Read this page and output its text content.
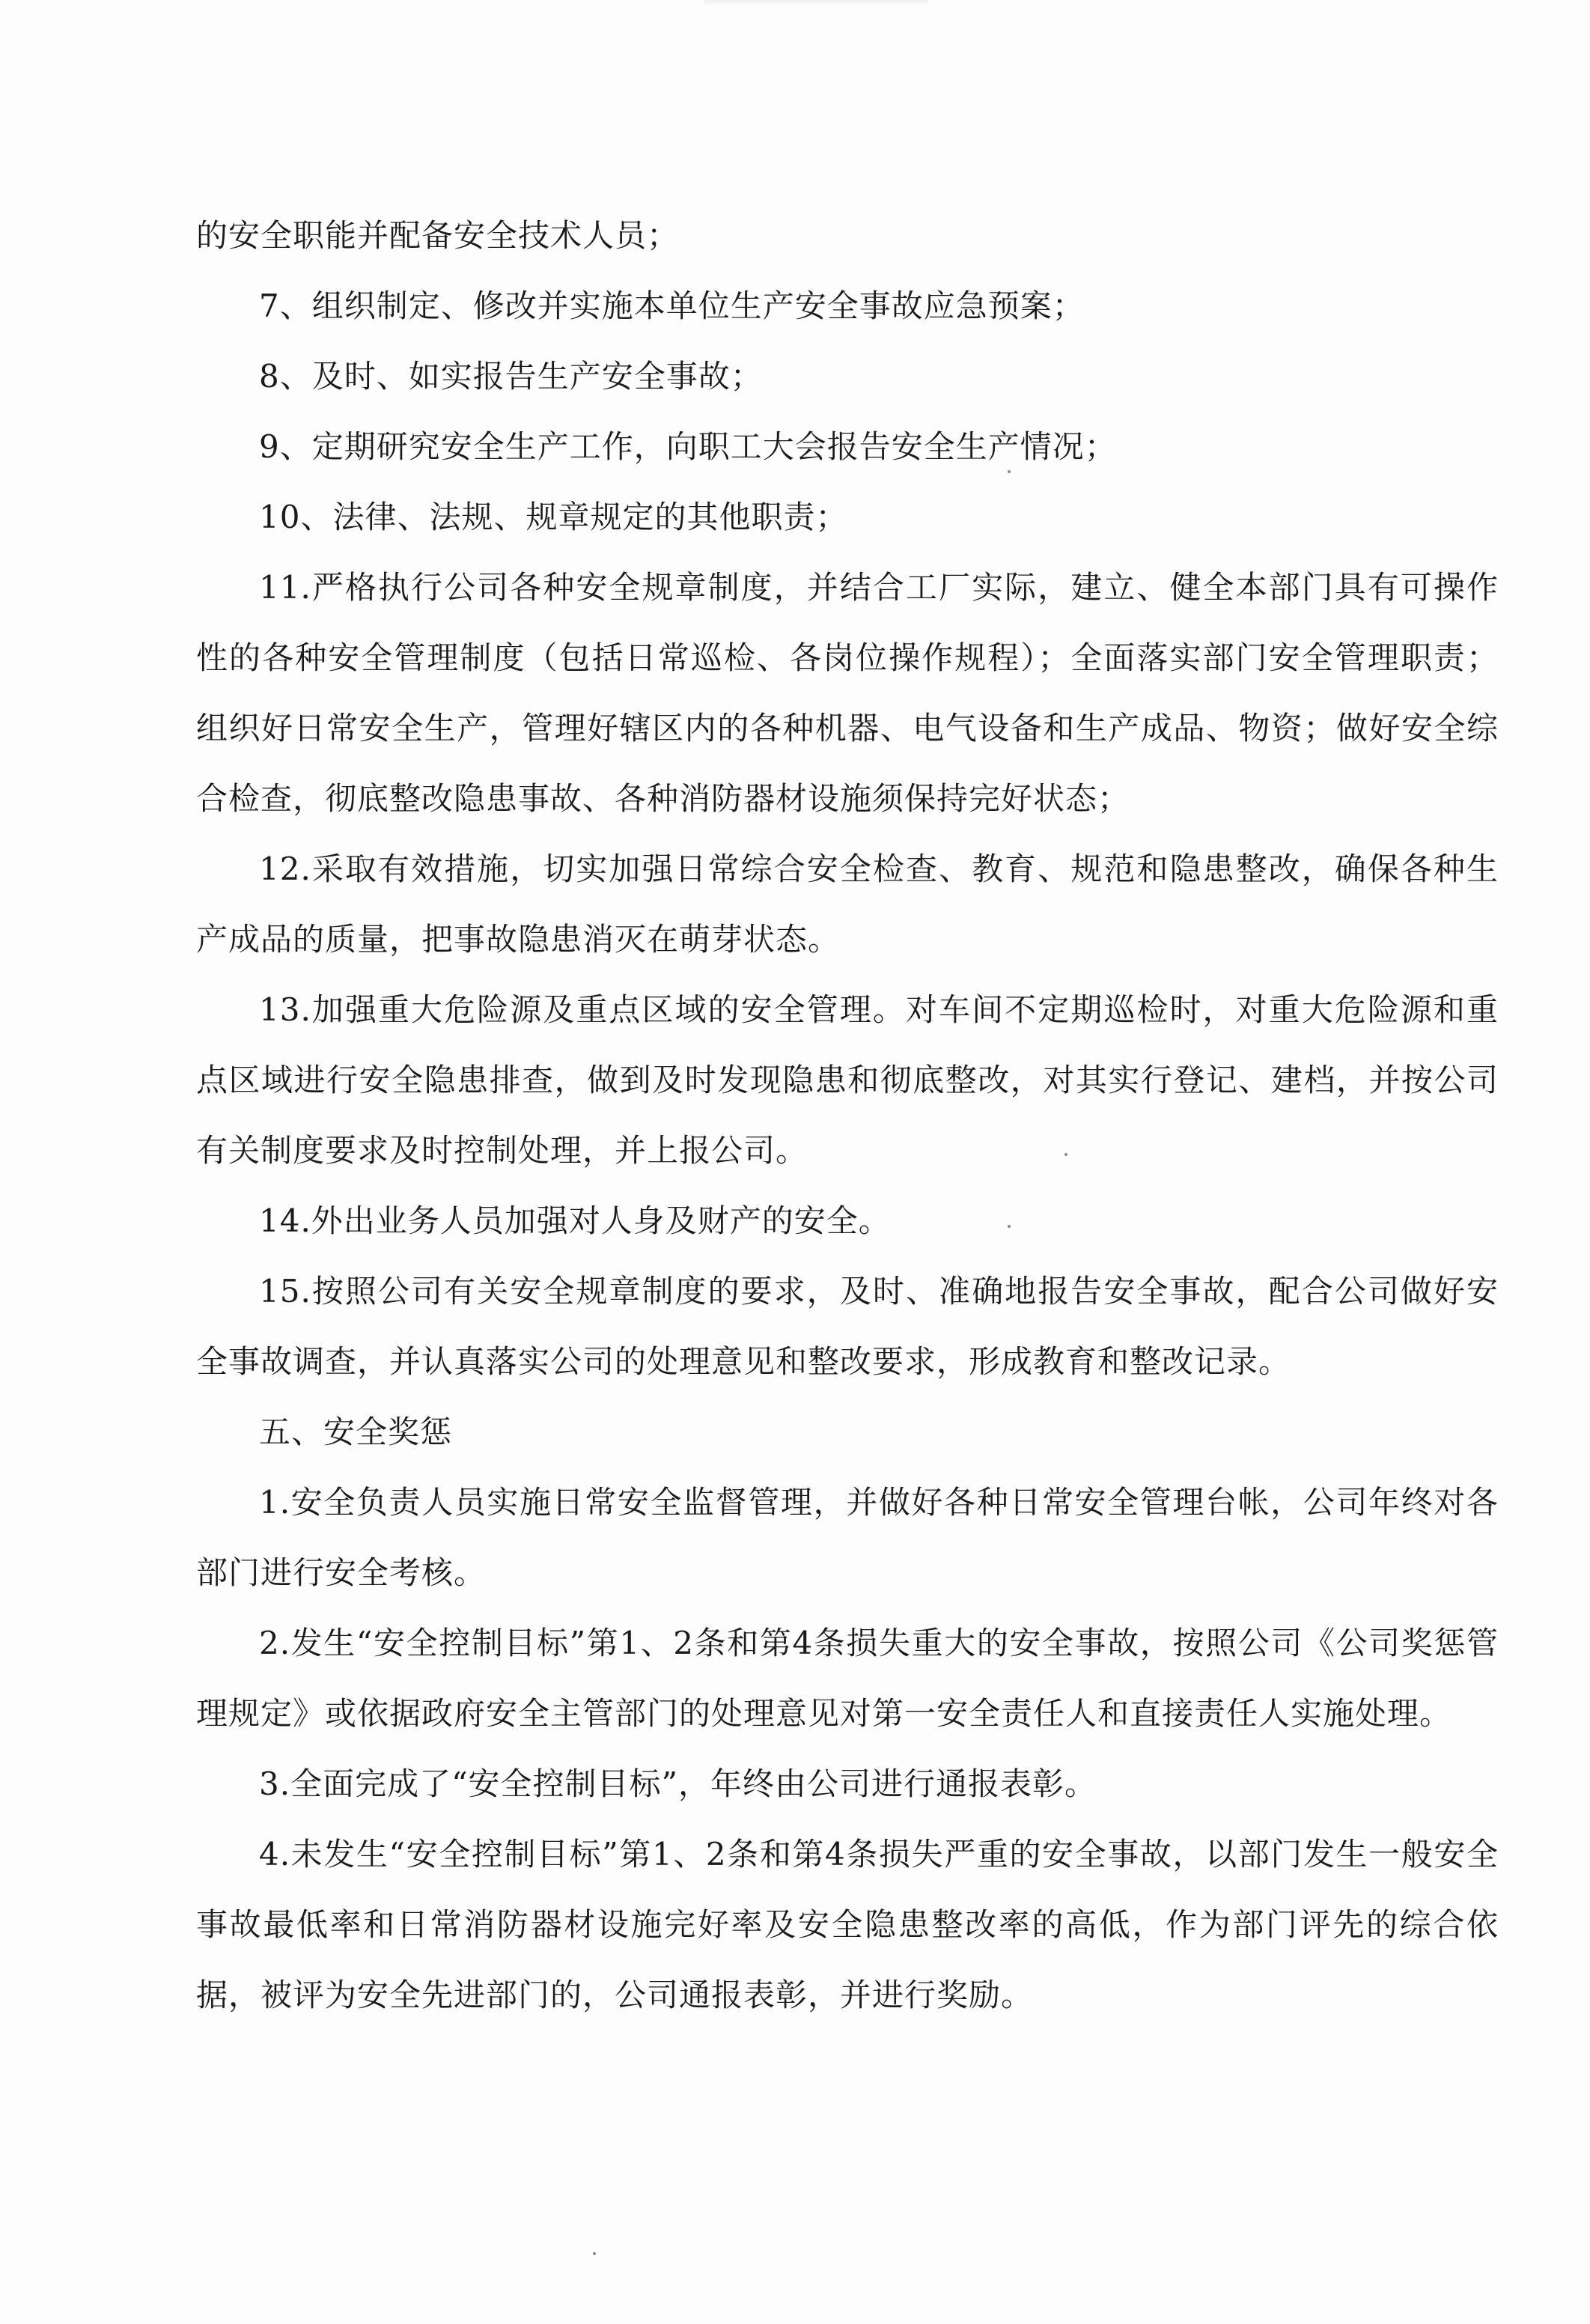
的安全职能并配备安全技术人员；

7、组织制定、修改并实施本单位生产安全事故应急预案；

8、及时、如实报告生产安全事故；

9、定期研究安全生产工作，向职工大会报告安全生产情况；

10、法律、法规、规章规定的其他职责；

11.严格执行公司各种安全规章制度，并结合工厂实际，建立、健全本部门具有可操作性的各种安全管理制度（包括日常巡检、各岗位操作规程）；全面落实部门安全管理职责；组织好日常安全生产，管理好辖区内的各种机器、电气设备和生产成品、物资；做好安全综合检查，彻底整改隐患事故、各种消防器材设施须保持完好状态；

12.采取有效措施，切实加强日常综合安全检查、教育、规范和隐患整改，确保各种生产成品的质量，把事故隐患消灭在萌芽状态。

13.加强重大危险源及重点区域的安全管理。对车间不定期巡检时，对重大危险源和重点区域进行安全隐患排查，做到及时发现隐患和彻底整改，对其实行登记、建档，并按公司有关制度要求及时控制处理，并上报公司。

14.外出业务人员加强对人身及财产的安全。

15.按照公司有关安全规章制度的要求，及时、准确地报告安全事故，配合公司做好安全事故调查，并认真落实公司的处理意见和整改要求，形成教育和整改记录。

五、安全奖惩

1.安全负责人员实施日常安全监督管理，并做好各种日常安全管理台帐，公司年终对各部门进行安全考核。

2.发生“安全控制目标”第1、2条和第4条损失重大的安全事故，按照公司《公司奖惩管理规定》或依据政府安全主管部门的处理意见对第一安全责任人和直接责任人实施处理。

3.全面完成了“安全控制目标”，年终由公司进行通报表彰。

4.未发生“安全控制目标”第1、2条和第4条损失严重的安全事故，以部门发生一般安全事故最低率和日常消防器材设施完好率及安全隐患整改率的高低，作为部门评先的综合依据，被评为安全先进部门的，公司通报表彰，并进行奖励。
